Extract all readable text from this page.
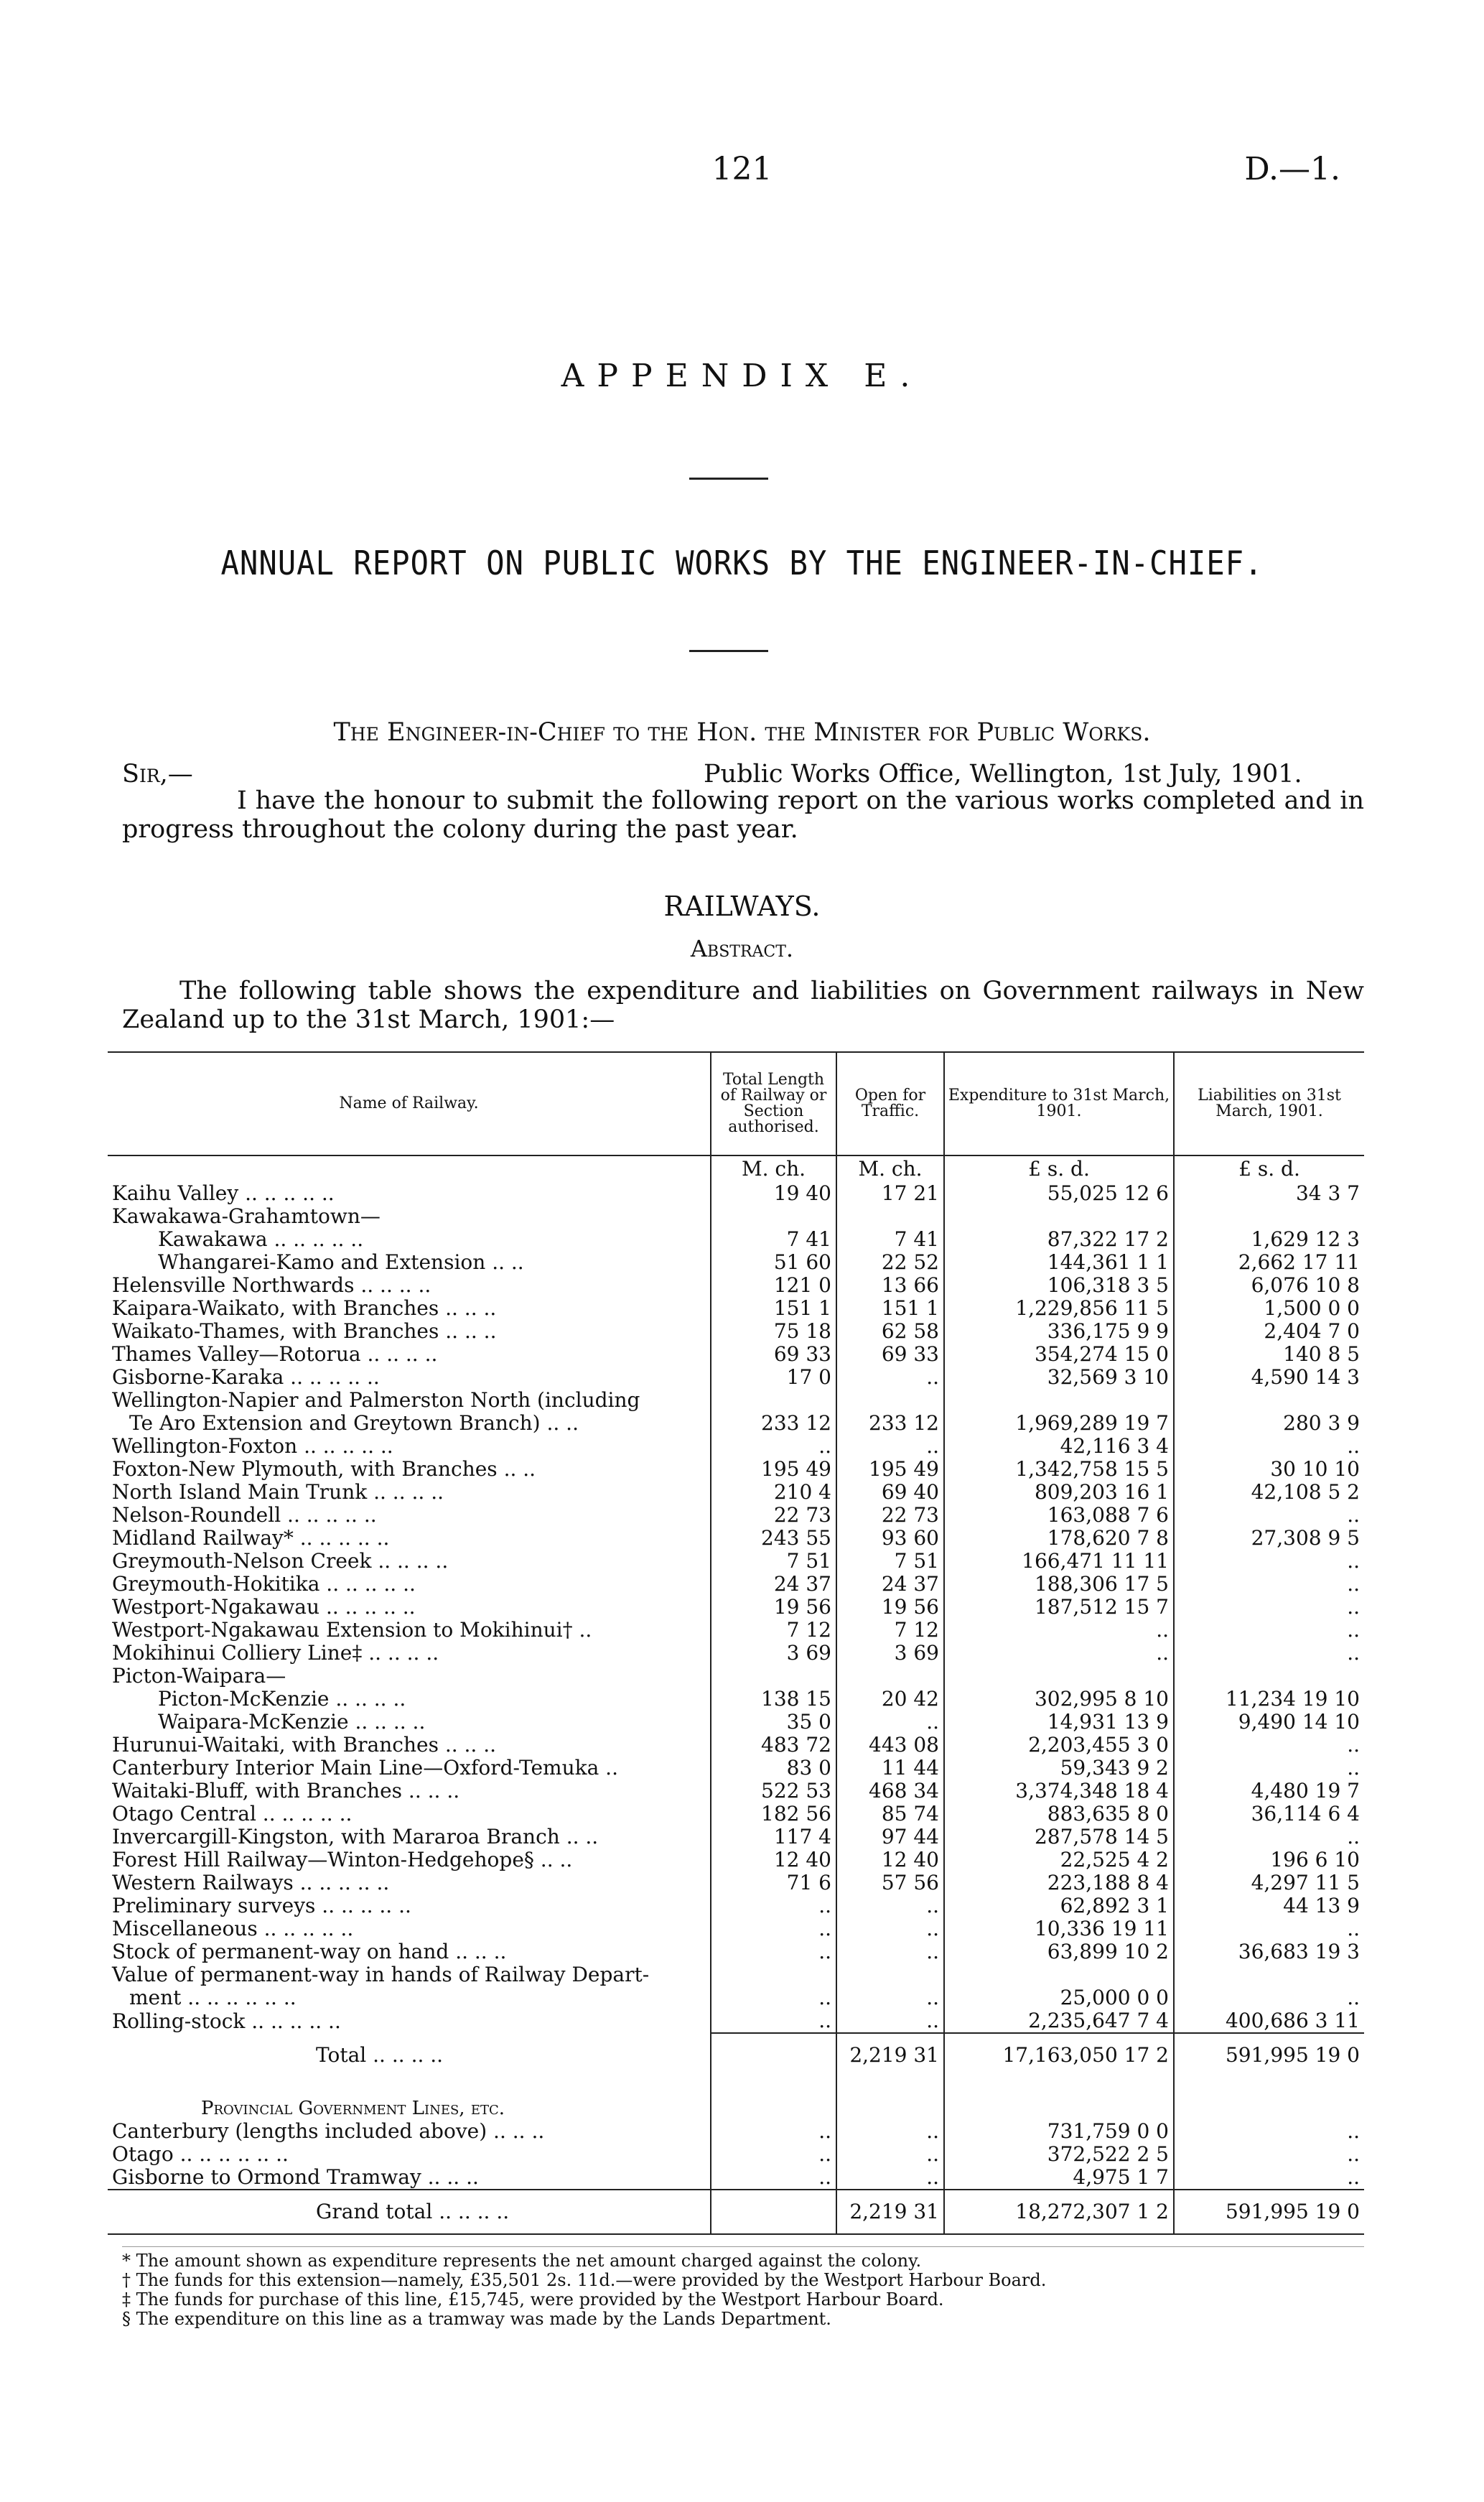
121	D.—1.
APPENDIX E.
ANNUAL REPORT ON PUBLIC WORKS BY THE ENGINEER-IN-CHIEF.
The Engineer-in-Chief to the Hon. the Minister for Public Works.
Sir,—	Public Works Office, Wellington, 1st July, 1901.
I have the honour to submit the following report on the various works completed and in progress throughout the colony during the past year.
RAILWAYS.
Abstract.
The following table shows the expenditure and liabilities on Government railways in New Zealand up to the 31st March, 1901:—
Name of Railway.	Total Length of Railway or Section authorised.	Open for Traffic.	Expenditure to 31st March, 1901.	Liabilities on 31st March, 1901.
	M. ch.	M. ch.	£ s. d.	£ s. d.
Kaihu Valley .. .. .. .. ..	19 40	17 21	55,025 12 6	34 3 7
Kawakawa-Grahamtown—				
Kawakawa .. .. .. .. ..	7 41	7 41	87,322 17 2	1,629 12 3
Whangarei-Kamo and Extension .. ..	51 60	22 52	144,361 1 1	2,662 17 11
Helensville Northwards .. .. .. ..	121 0	13 66	106,318 3 5	6,076 10 8
Kaipara-Waikato, with Branches .. .. ..	151 1	151 1	1,229,856 11 5	1,500 0 0
Waikato-Thames, with Branches .. .. ..	75 18	62 58	336,175 9 9	2,404 7 0
Thames Valley—Rotorua .. .. .. ..	69 33	69 33	354,274 15 0	140 8 5
Gisborne-Karaka .. .. .. .. ..	17 0	..	32,569 3 10	4,590 14 3
Wellington-Napier and Palmerston North (including				
Te Aro Extension and Greytown Branch) .. ..	233 12	233 12	1,969,289 19 7	280 3 9
Wellington-Foxton .. .. .. .. ..	..	..	42,116 3 4	..
Foxton-New Plymouth, with Branches .. ..	195 49	195 49	1,342,758 15 5	30 10 10
North Island Main Trunk .. .. .. ..	210 4	69 40	809,203 16 1	42,108 5 2
Nelson-Roundell .. .. .. .. ..	22 73	22 73	163,088 7 6	..
Midland Railway* .. .. .. .. ..	243 55	93 60	178,620 7 8	27,308 9 5
Greymouth-Nelson Creek .. .. .. ..	7 51	7 51	166,471 11 11	..
Greymouth-Hokitika .. .. .. .. ..	24 37	24 37	188,306 17 5	..
Westport-Ngakawau .. .. .. .. ..	19 56	19 56	187,512 15 7	..
Westport-Ngakawau Extension to Mokihinui† ..	7 12	7 12	..	..
Mokihinui Colliery Line‡ .. .. .. ..	3 69	3 69	..	..
Picton-Waipara—				
Picton-McKenzie .. .. .. ..	138 15	20 42	302,995 8 10	11,234 19 10
Waipara-McKenzie .. .. .. ..	35 0	..	14,931 13 9	9,490 14 10
Hurunui-Waitaki, with Branches .. .. ..	483 72	443 08	2,203,455 3 0	..
Canterbury Interior Main Line—Oxford-Temuka ..	83 0	11 44	59,343 9 2	..
Waitaki-Bluff, with Branches .. .. ..	522 53	468 34	3,374,348 18 4	4,480 19 7
Otago Central .. .. .. .. ..	182 56	85 74	883,635 8 0	36,114 6 4
Invercargill-Kingston, with Mararoa Branch .. ..	117 4	97 44	287,578 14 5	..
Forest Hill Railway—Winton-Hedgehope§ .. ..	12 40	12 40	22,525 4 2	196 6 10
Western Railways .. .. .. .. ..	71 6	57 56	223,188 8 4	4,297 11 5
Preliminary surveys .. .. .. .. ..	..	..	62,892 3 1	44 13 9
Miscellaneous .. .. .. .. ..	..	..	10,336 19 11	..
Stock of permanent-way on hand .. .. ..	..	..	63,899 10 2	36,683 19 3
Value of permanent-way in hands of Railway Depart-				
ment .. .. .. .. .. ..	..	..	25,000 0 0	..
Rolling-stock .. .. .. .. ..	..	..	2,235,647 7 4	400,686 3 11
Total .. .. .. ..		2,219 31	17,163,050 17 2	591,995 19 0
Provincial Government Lines, etc.				
Canterbury (lengths included above) .. .. ..	..	..	731,759 0 0	..
Otago .. .. .. .. .. ..	..	..	372,522 2 5	..
Gisborne to Ormond Tramway .. .. ..	..	..	4,975 1 7	..
Grand total .. .. .. ..		2,219 31	18,272,307 1 2	591,995 19 0
* The amount shown as expenditure represents the net amount charged against the colony.
† The funds for this extension—namely, £35,501 2s. 11d.—were provided by the Westport Harbour Board.
‡ The funds for purchase of this line, £15,745, were provided by the Westport Harbour Board.
§ The expenditure on this line as a tramway was made by the Lands Department.
